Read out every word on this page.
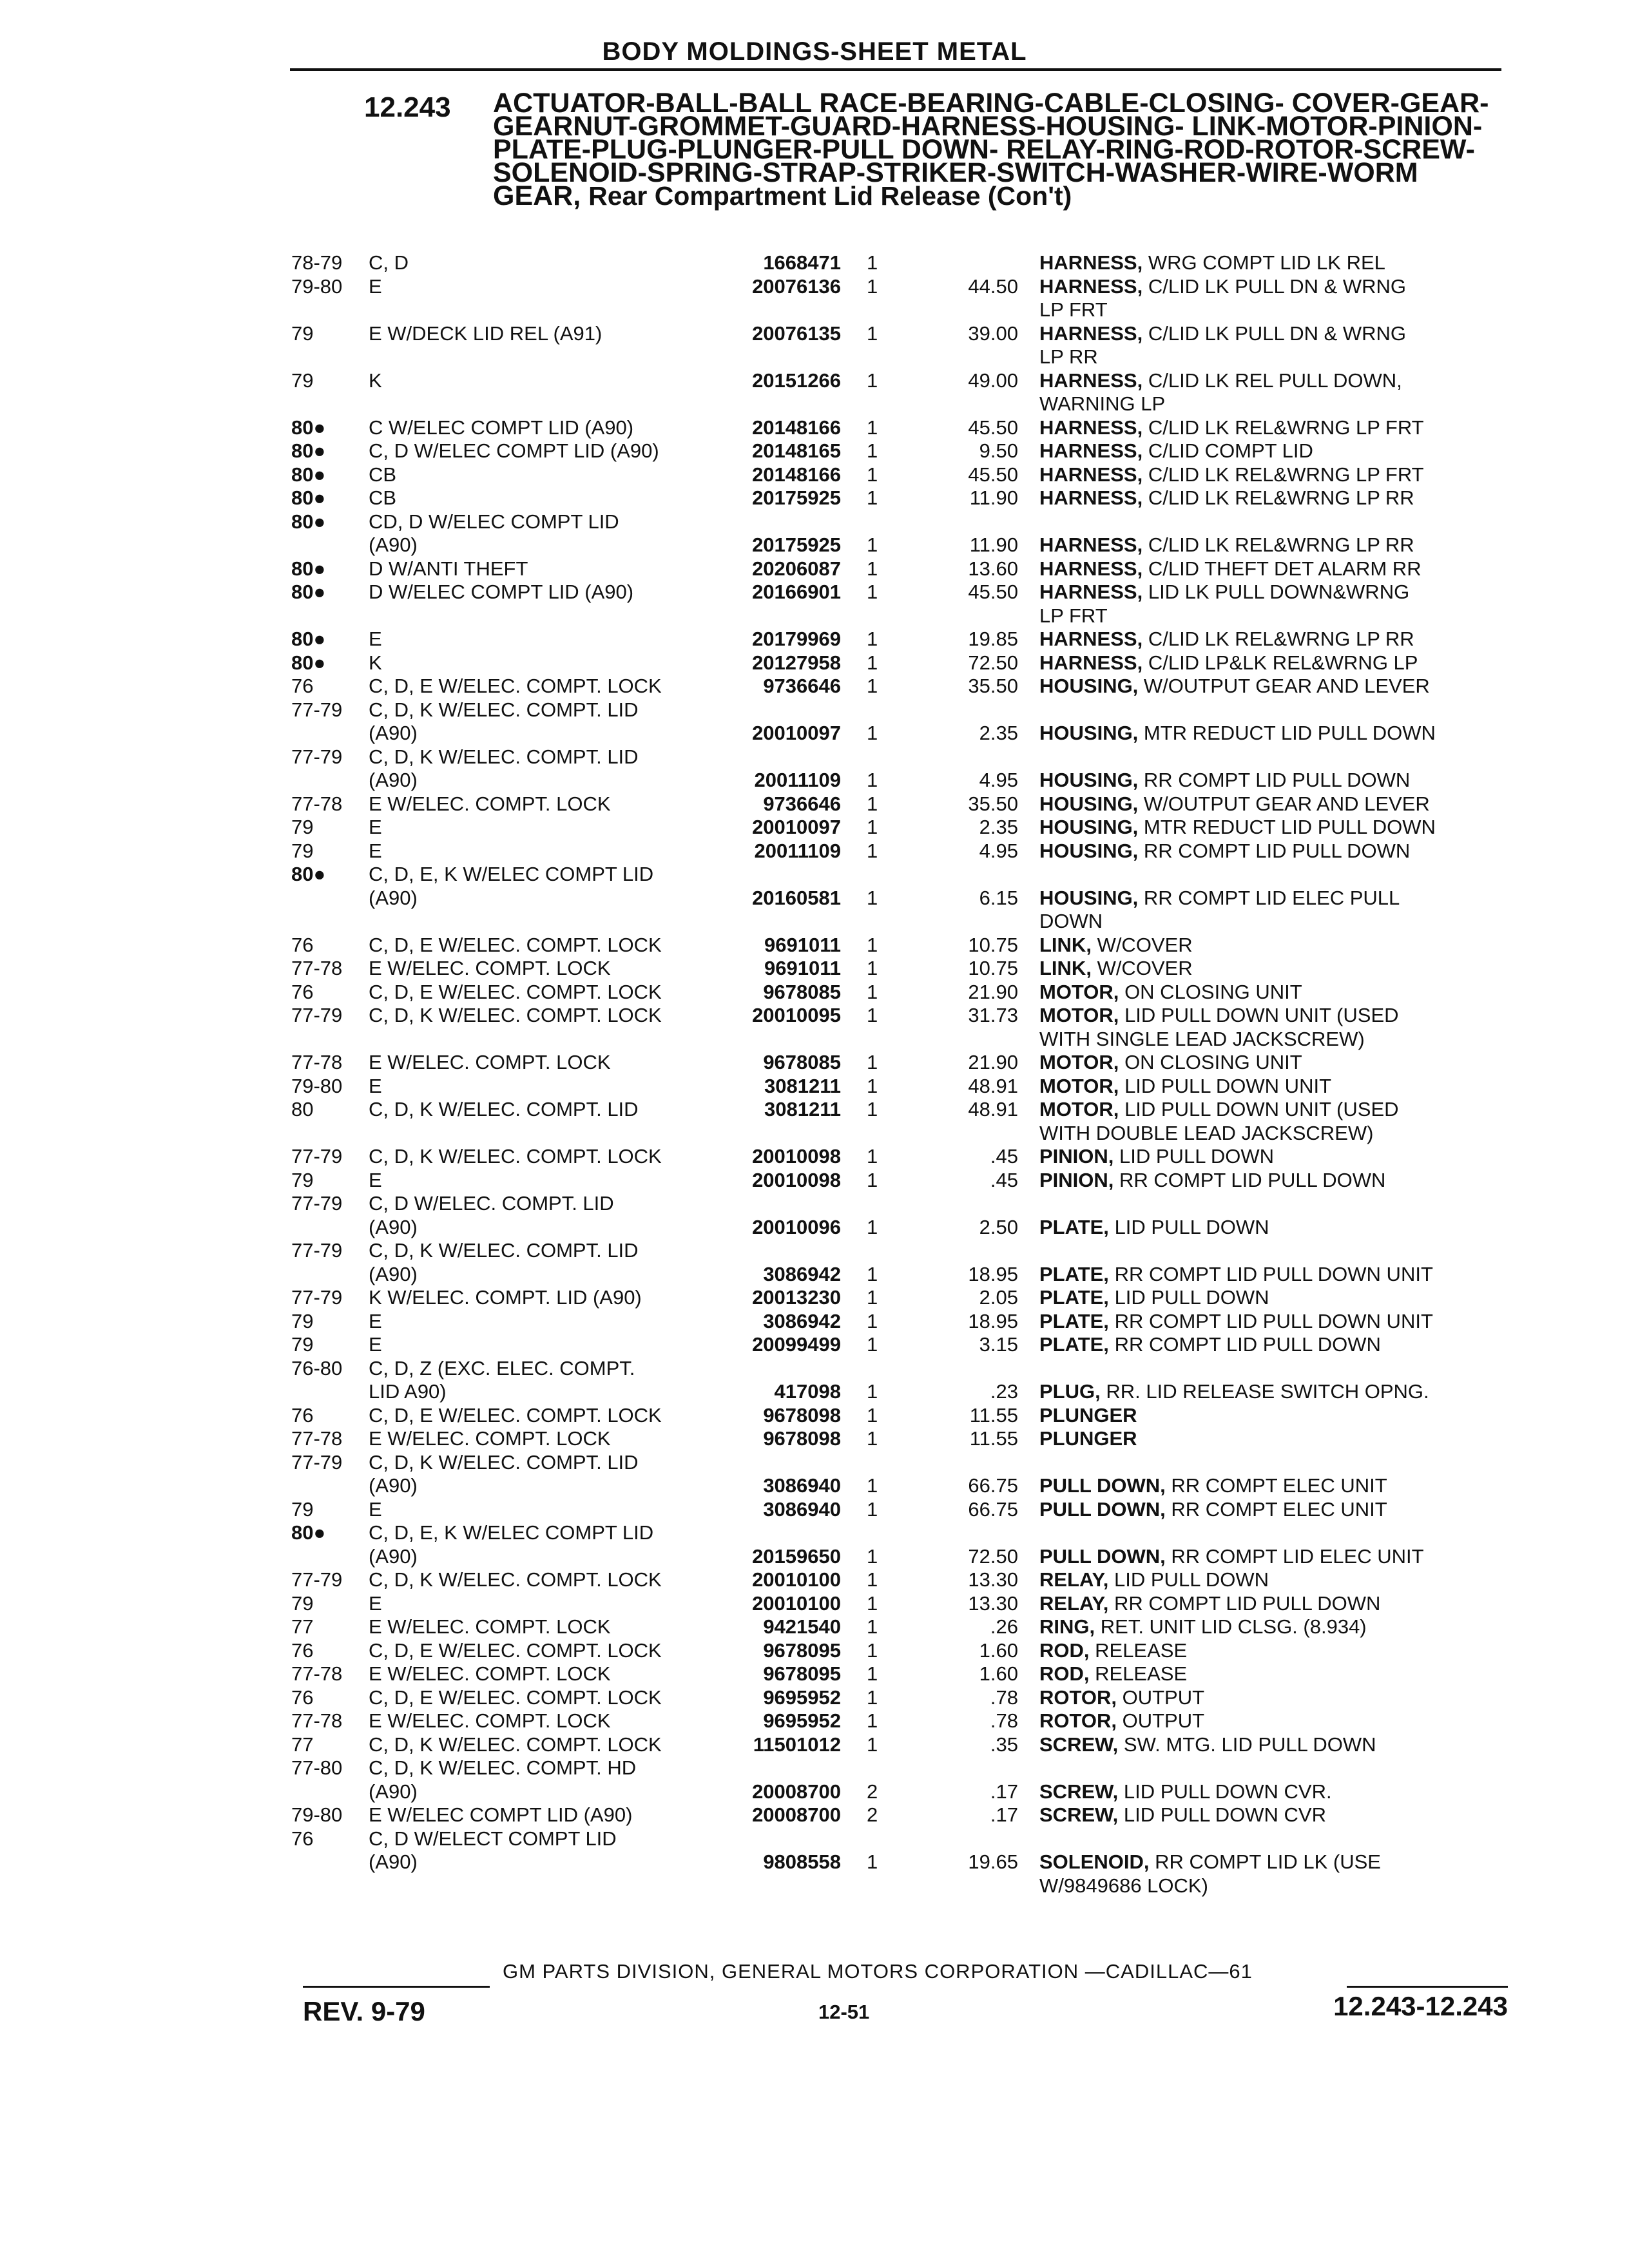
BODY MOLDINGS-SHEET METAL
12.243 ACTUATOR-BALL-BALL RACE-BEARING-CABLE-CLOSING- COVER-GEAR-GEARNUT-GROMMET-GUARD-HARNESS-HOUSING- LINK-MOTOR-PINION-PLATE-PLUG-PLUNGER-PULL DOWN- RELAY-RING-ROD-ROTOR-SCREW-SOLENOID-SPRING-STRAP-STRIKER-SWITCH-WASHER-WIRE-WORM GEAR, Rear Compartment Lid Release (Con't)

78-79	C, D	1668471 1	HARNESS, WRG COMPT LID LK REL
79-80	E	20076136 1	44.50 HARNESS, C/LID LK PULL DN & WRNG
LP FRT
79	E W/DECK LID REL (A91)	20076135 1	39.00 HARNESS, C/LID LK PULL DN & WRNG
LP RR
79	K	20151266 1	49.00 HARNESS, C/LID LK REL PULL DOWN,
WARNING LP
80●	C W/ELEC COMPT LID (A90)	20148166 1	45.50 HARNESS, C/LID LK REL&WRNG LP FRT
80●	C, D W/ELEC COMPT LID (A90)	20148165 1	9.50 HARNESS, C/LID COMPT LID
80●	CB	20148166 1	45.50 HARNESS, C/LID LK REL&WRNG LP FRT
80●	CB	20175925 1	11.90 HARNESS, C/LID LK REL&WRNG LP RR
80●	CD, D W/ELEC COMPT LID
(A90)	20175925 1	11.90 HARNESS, C/LID LK REL&WRNG LP RR
80●	D W/ANTI THEFT	20206087 1	13.60 HARNESS, C/LID THEFT DET ALARM RR
80●	D W/ELEC COMPT LID (A90)	20166901 1	45.50 HARNESS, LID LK PULL DOWN&WRNG
LP FRT
80●	E	20179969 1	19.85 HARNESS, C/LID LK REL&WRNG LP RR
80●	K	20127958 1	72.50 HARNESS, C/LID LP&LK REL&WRNG LP
76	C, D, E W/ELEC. COMPT. LOCK	9736646 1	35.50 HOUSING, W/OUTPUT GEAR AND LEVER
77-79	C, D, K W/ELEC. COMPT. LID
(A90)	20010097 1	2.35 HOUSING, MTR REDUCT LID PULL DOWN
77-79	C, D, K W/ELEC. COMPT. LID
(A90)	20011109 1	4.95 HOUSING, RR COMPT LID PULL DOWN
77-78	E W/ELEC. COMPT. LOCK	9736646 1	35.50 HOUSING, W/OUTPUT GEAR AND LEVER
79	E	20010097 1	2.35 HOUSING, MTR REDUCT LID PULL DOWN
79	E	20011109 1	4.95 HOUSING, RR COMPT LID PULL DOWN
80●	C, D, E, K W/ELEC COMPT LID
(A90)	20160581 1	6.15 HOUSING, RR COMPT LID ELEC PULL
DOWN
76	C, D, E W/ELEC. COMPT. LOCK	9691011 1	10.75 LINK, W/COVER
77-78	E W/ELEC. COMPT. LOCK	9691011 1	10.75 LINK, W/COVER
76	C, D, E W/ELEC. COMPT. LOCK	9678085 1	21.90 MOTOR, ON CLOSING UNIT
77-79	C, D, K W/ELEC. COMPT. LOCK	20010095 1	31.73 MOTOR, LID PULL DOWN UNIT (USED
WITH SINGLE LEAD JACKSCREW)
77-78	E W/ELEC. COMPT. LOCK	9678085 1	21.90 MOTOR, ON CLOSING UNIT
79-80	E	3081211 1	48.91 MOTOR, LID PULL DOWN UNIT
80	C, D, K W/ELEC. COMPT. LID	3081211 1	48.91 MOTOR, LID PULL DOWN UNIT (USED
WITH DOUBLE LEAD JACKSCREW)
77-79	C, D, K W/ELEC. COMPT. LOCK	20010098 1	.45 PINION, LID PULL DOWN
79	E	20010098 1	.45 PINION, RR COMPT LID PULL DOWN
77-79	C, D W/ELEC. COMPT. LID
(A90)	20010096 1	2.50 PLATE, LID PULL DOWN
77-79	C, D, K W/ELEC. COMPT. LID
(A90)	3086942 1	18.95 PLATE, RR COMPT LID PULL DOWN UNIT
77-79	K W/ELEC. COMPT. LID (A90)	20013230 1	2.05 PLATE, LID PULL DOWN
79	E	3086942 1	18.95 PLATE, RR COMPT LID PULL DOWN UNIT
79	E	20099499 1	3.15 PLATE, RR COMPT LID PULL DOWN
76-80	C, D, Z (EXC. ELEC. COMPT.
LID A90)	417098 1	.23 PLUG, RR. LID RELEASE SWITCH OPNG.
76	C, D, E W/ELEC. COMPT. LOCK	9678098 1	11.55 PLUNGER
77-78	E W/ELEC. COMPT. LOCK	9678098 1	11.55 PLUNGER
77-79	C, D, K W/ELEC. COMPT. LID
(A90)	3086940 1	66.75 PULL DOWN, RR COMPT ELEC UNIT
79	E	3086940 1	66.75 PULL DOWN, RR COMPT ELEC UNIT
80●	C, D, E, K W/ELEC COMPT LID
(A90)	20159650 1	72.50 PULL DOWN, RR COMPT LID ELEC UNIT
77-79	C, D, K W/ELEC. COMPT. LOCK	20010100 1	13.30 RELAY, LID PULL DOWN
79	E	20010100 1	13.30 RELAY, RR COMPT LID PULL DOWN
77	E W/ELEC. COMPT. LOCK	9421540 1	.26 RING, RET. UNIT LID CLSG. (8.934)
76	C, D, E W/ELEC. COMPT. LOCK	9678095 1	1.60 ROD, RELEASE
77-78	E W/ELEC. COMPT. LOCK	9678095 1	1.60 ROD, RELEASE
76	C, D, E W/ELEC. COMPT. LOCK	9695952 1	.78 ROTOR, OUTPUT
77-78	E W/ELEC. COMPT. LOCK	9695952 1	.78 ROTOR, OUTPUT
77	C, D, K W/ELEC. COMPT. LOCK	11501012 1	.35 SCREW, SW. MTG. LID PULL DOWN
77-80	C, D, K W/ELEC. COMPT. HD
(A90)	20008700 2	.17 SCREW, LID PULL DOWN CVR.
79-80	E W/ELEC COMPT LID (A90)	20008700 2	.17 SCREW, LID PULL DOWN CVR
76	C, D W/ELECT COMPT LID
(A90)	9808558 1	19.65 SOLENOID, RR COMPT LID LK (USE
W/9849686 LOCK)
GM PARTS DIVISION, GENERAL MOTORS CORPORATION —CADILLAC—61
REV. 9-79	12-51	12.243-12.243
